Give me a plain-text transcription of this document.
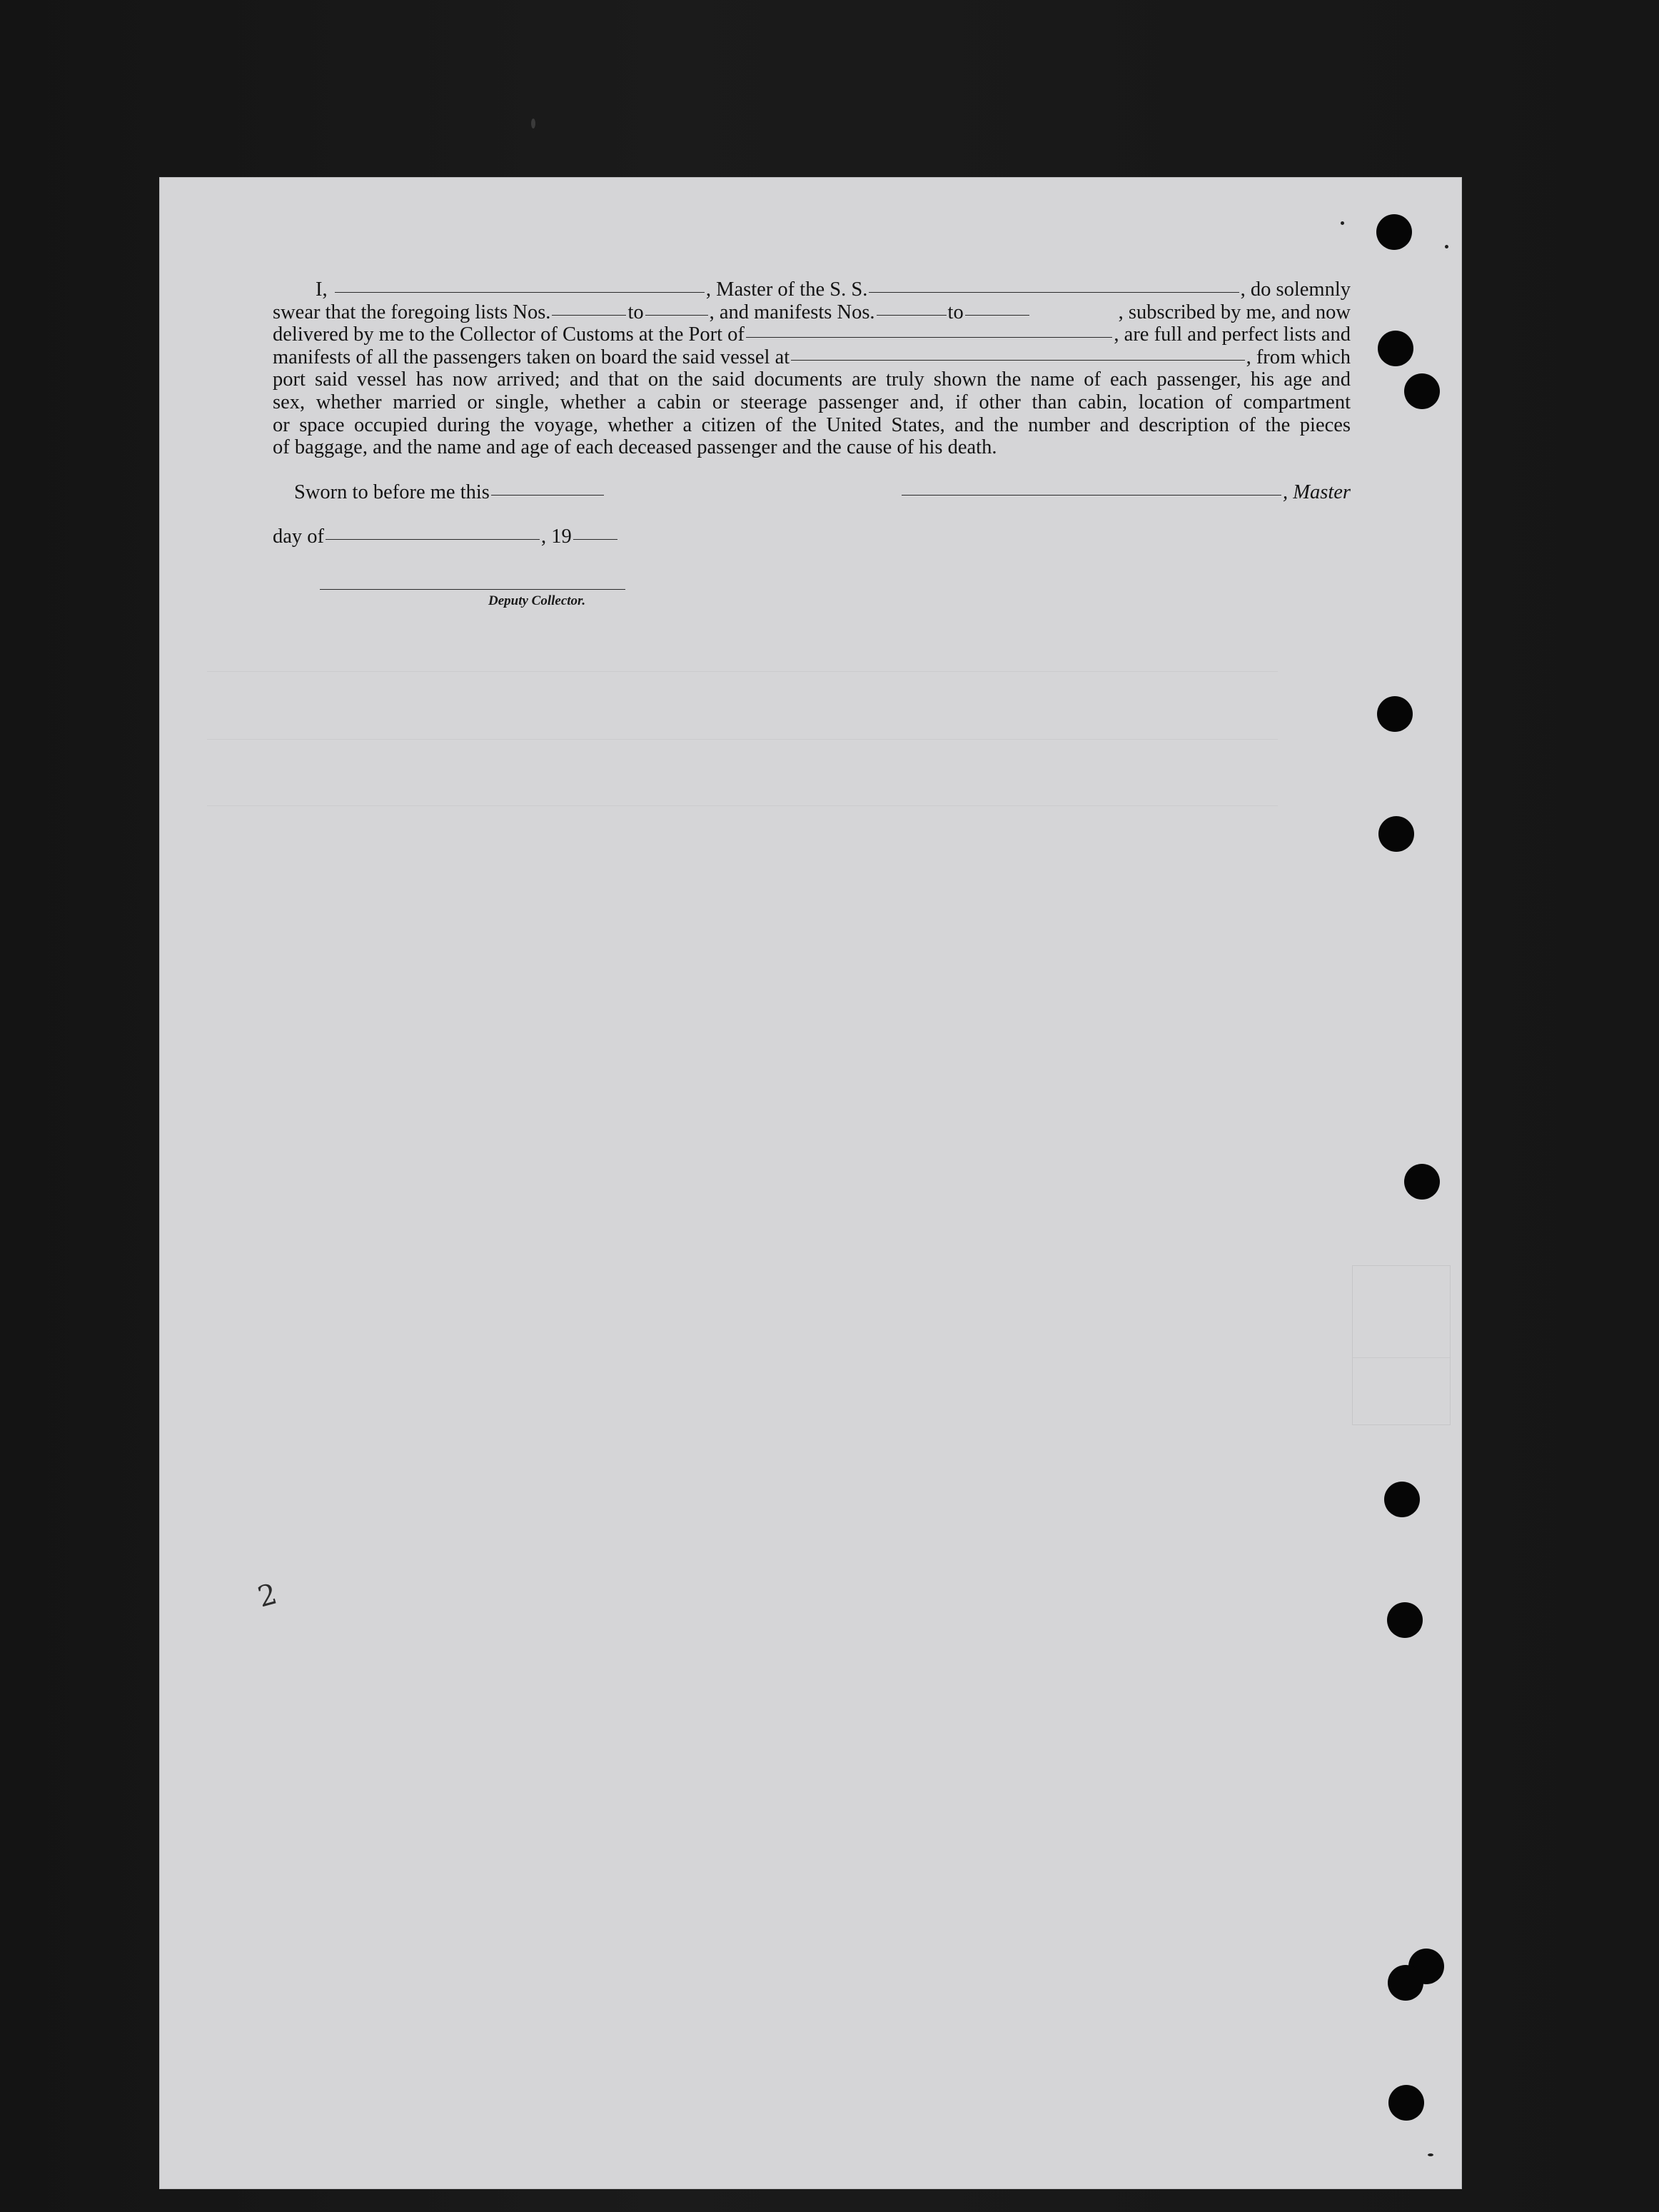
I,	, Master of the S. S.	, do solemnly
swear that the foregoing lists Nos.	to	, and manifests Nos.	to	, subscribed by me, and now
delivered by me to the Collector of Customs at the Port of	, are full and perfect lists and
manifests of all the passengers taken on board the said vessel at	, from which
port said vessel has now arrived; and that on the said documents are truly shown the name of each passenger, his age and
sex, whether married or single, whether a cabin or steerage passenger and, if other than cabin, location of compartment
or space occupied during the voyage, whether a citizen of the United States, and the number and description of the pieces
of baggage, and the name and age of each deceased passenger and the cause of his death.
Sworn to before me this	, Master
day of	, 19
Deputy Collector.
2
